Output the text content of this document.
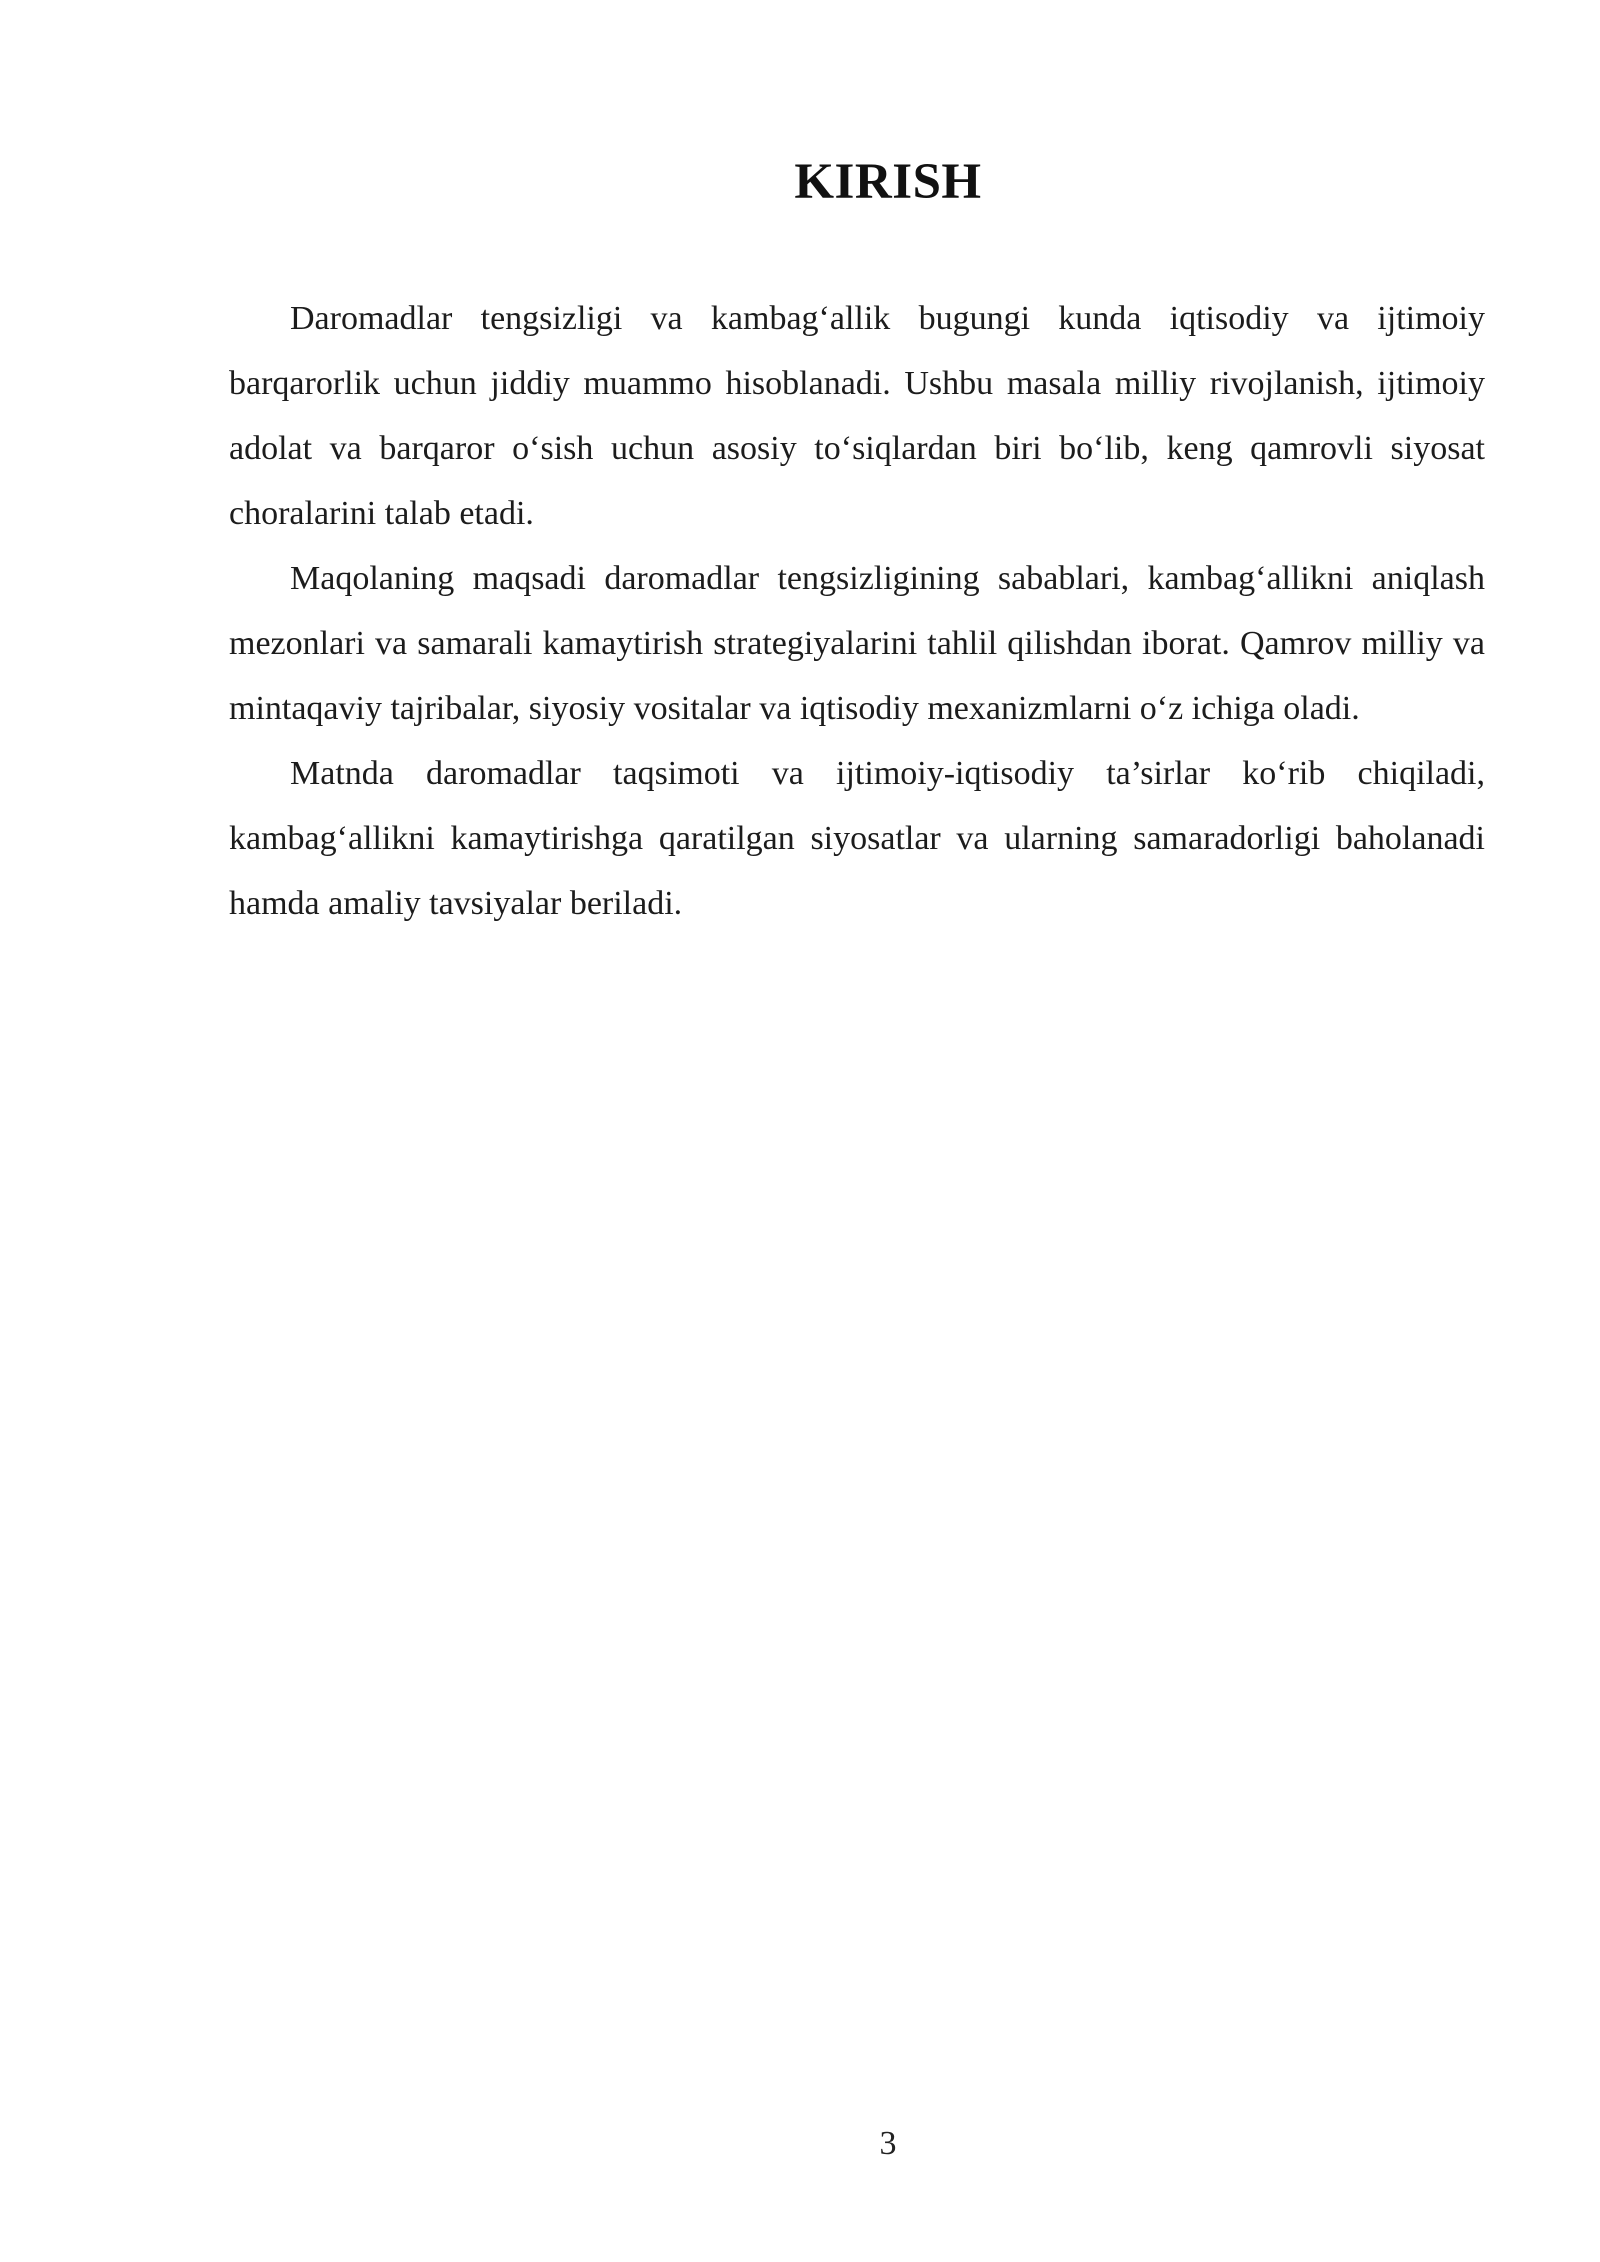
KIRISH

Daromadlar tengsizligi va kambag‘allik bugungi kunda iqtisodiy va ijtimoiy barqarorlik uchun jiddiy muammo hisoblanadi. Ushbu masala milliy rivojlanish, ijtimoiy adolat va barqaror o‘sish uchun asosiy to‘siqlardan biri bo‘lib, keng qamrovli siyosat choralarini talab etadi.

Maqolaning maqsadi daromadlar tengsizligining sabablari, kambag‘allikni aniqlash mezonlari va samarali kamaytirish strategiyalarini tahlil qilishdan iborat. Qamrov milliy va mintaqaviy tajribalar, siyosiy vositalar va iqtisodiy mexanizmlarni o‘z ichiga oladi.

Matnda daromadlar taqsimoti va ijtimoiy-iqtisodiy ta’sirlar ko‘rib chiqiladi, kambag‘allikni kamaytirishga qaratilgan siyosatlar va ularning samaradorligi baholanadi hamda amaliy tavsiyalar beriladi.

3
